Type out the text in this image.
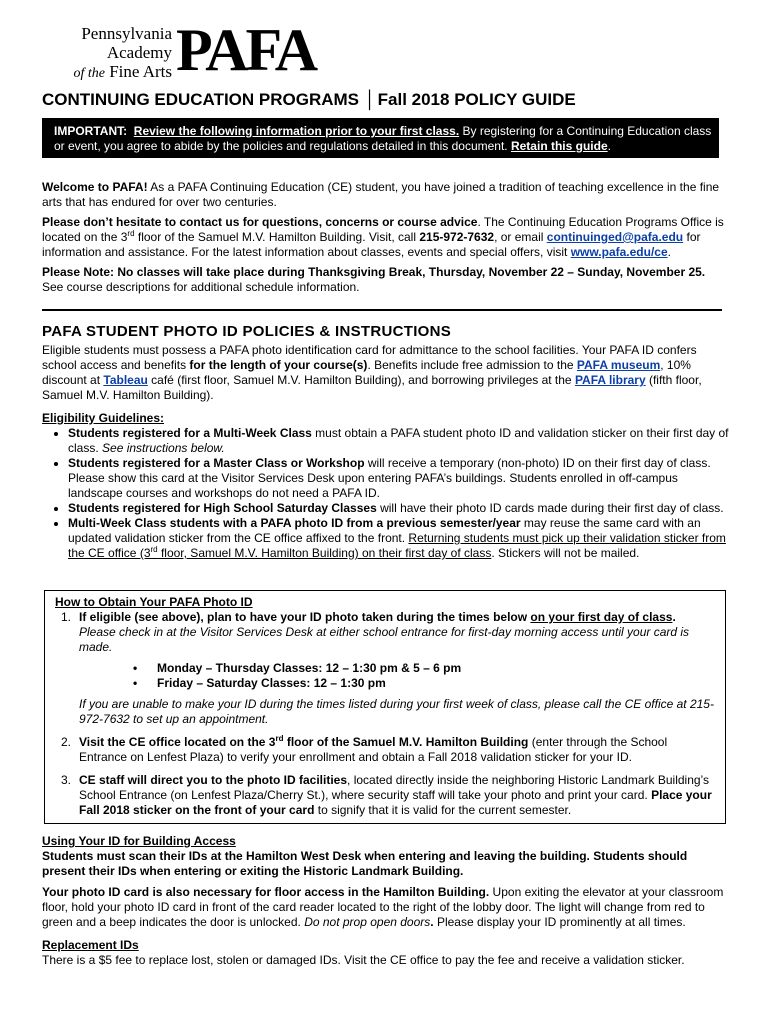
Pennsylvania
Academy
of the Fine Arts PAFA
CONTINUING EDUCATION PROGRAMS │ Fall 2018 POLICY GUIDE
IMPORTANT: Review the following information prior to your first class. By registering for a Continuing Education class or event, you agree to abide by the policies and regulations detailed in this document. Retain this guide.

Welcome to PAFA! As a PAFA Continuing Education (CE) student, you have joined a tradition of teaching excellence in the fine arts that has endured for over two centuries.

Please don’t hesitate to contact us for questions, concerns or course advice. The Continuing Education Programs Office is located on the 3rd floor of the Samuel M.V. Hamilton Building. Visit, call 215-972-7632, or email continuinged@pafa.edu for information and assistance. For the latest information about classes, events and special offers, visit www.pafa.edu/ce.

Please Note: No classes will take place during Thanksgiving Break, Thursday, November 22 – Sunday, November 25.
See course descriptions for additional schedule information.

PAFA STUDENT PHOTO ID POLICIES & INSTRUCTIONS

Eligible students must possess a PAFA photo identification card for admittance to the school facilities. Your PAFA ID confers school access and benefits for the length of your course(s). Benefits include free admission to the PAFA museum, 10% discount at Tableau café (first floor, Samuel M.V. Hamilton Building), and borrowing privileges at the PAFA library (fifth floor, Samuel M.V. Hamilton Building).

Eligibility Guidelines:
• Students registered for a Multi-Week Class must obtain a PAFA student photo ID and validation sticker on their first day of class. See instructions below.
• Students registered for a Master Class or Workshop will receive a temporary (non-photo) ID on their first day of class. Please show this card at the Visitor Services Desk upon entering PAFA’s buildings. Students enrolled in off-campus landscape courses and workshops do not need a PAFA ID.
• Students registered for High School Saturday Classes will have their photo ID cards made during their first day of class.
• Multi-Week Class students with a PAFA photo ID from a previous semester/year may reuse the same card with an updated validation sticker from the CE office affixed to the front. Returning students must pick up their validation sticker from the CE office (3rd floor, Samuel M.V. Hamilton Building) on their first day of class. Stickers will not be mailed.
How to Obtain Your PAFA Photo ID
1. If eligible (see above), plan to have your ID photo taken during the times below on your first day of class. Please check in at the Visitor Services Desk at either school entrance for first-day morning access until your card is made.
• Monday – Thursday Classes: 12 – 1:30 pm & 5 – 6 pm
• Friday – Saturday Classes: 12 – 1:30 pm
If you are unable to make your ID during the times listed during your first week of class, please call the CE office at 215-972-7632 to set up an appointment.
2. Visit the CE office located on the 3rd floor of the Samuel M.V. Hamilton Building (enter through the School Entrance on Lenfest Plaza) to verify your enrollment and obtain a Fall 2018 validation sticker for your ID.
3. CE staff will direct you to the photo ID facilities, located directly inside the neighboring Historic Landmark Building’s School Entrance (on Lenfest Plaza/Cherry St.), where security staff will take your photo and print your card. Place your Fall 2018 sticker on the front of your card to signify that it is valid for the current semester.
Using Your ID for Building Access

Students must scan their IDs at the Hamilton West Desk when entering and leaving the building. Students should present their IDs when entering or exiting the Historic Landmark Building.

Your photo ID card is also necessary for floor access in the Hamilton Building. Upon exiting the elevator at your classroom floor, hold your photo ID card in front of the card reader located to the right of the lobby door. The light will change from red to green and a beep indicates the door is unlocked. Do not prop open doors. Please display your ID prominently at all times.

Replacement IDs
There is a $5 fee to replace lost, stolen or damaged IDs. Visit the CE office to pay the fee and receive a validation sticker.
